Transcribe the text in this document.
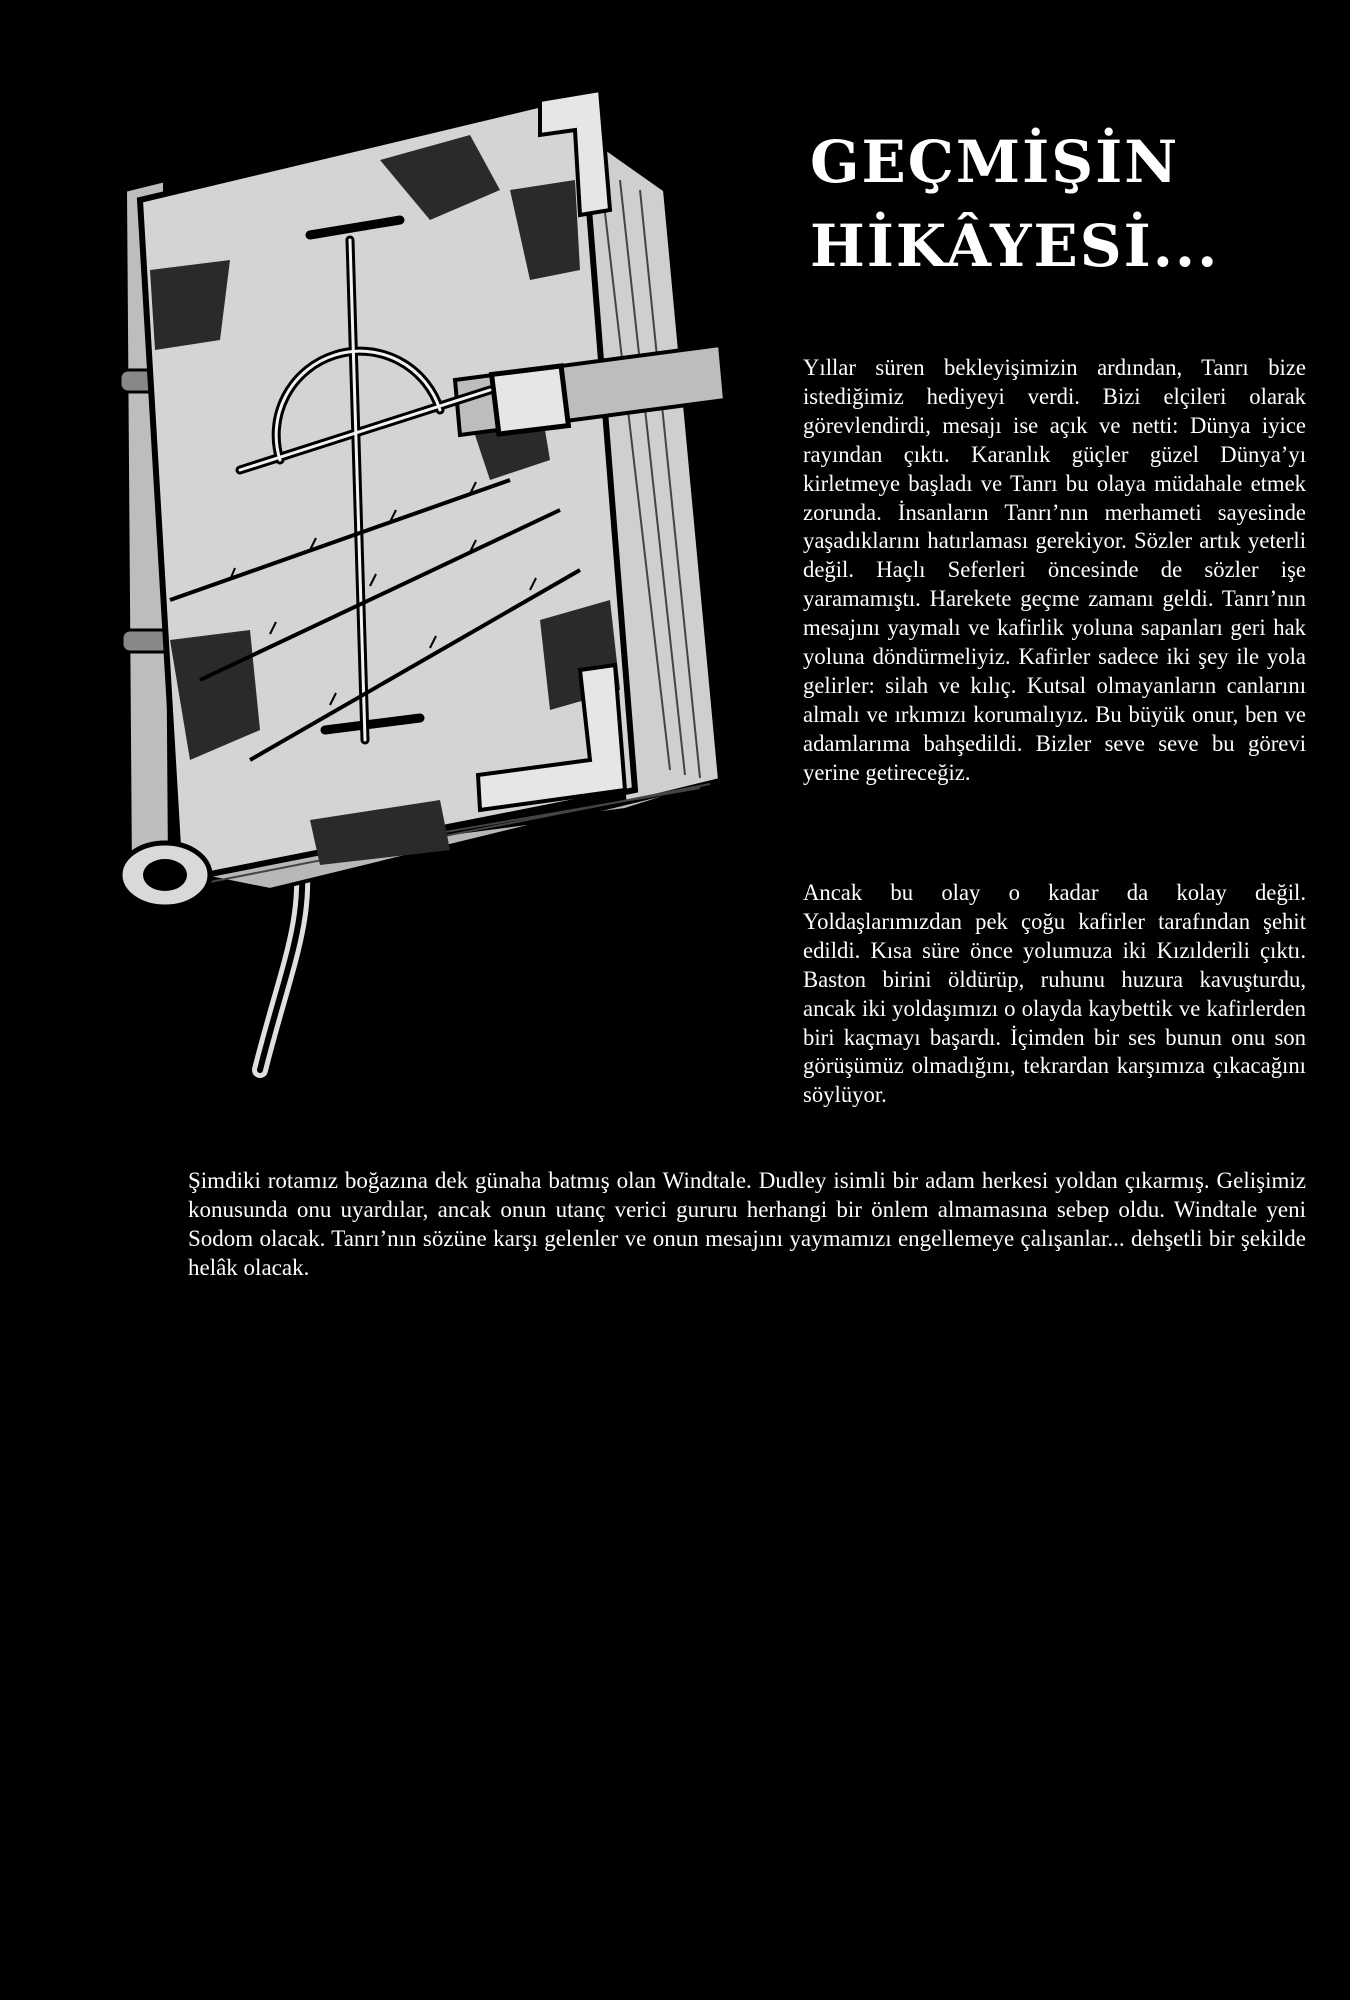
GEÇMİŞİN
HİKÂYESİ...

Yıllar süren bekleyişimizin ardından, Tanrı bize istediğimiz hediyeyi verdi. Bizi elçileri olarak görevlendirdi, mesajı ise açık ve netti: Dünya iyice rayından çıktı. Karanlık güçler güzel Dünya’yı kirletmeye başladı ve Tanrı bu olaya müdahale etmek zorunda. İnsanların Tanrı’nın merhameti sayesinde yaşadıklarını hatırlaması gerekiyor. Sözler artık yeterli değil. Haçlı Seferleri öncesinde de sözler işe yaramamıştı. Harekete geçme zamanı geldi. Tanrı’nın mesajını yaymalı ve kafirlik yoluna sapanları geri hak yoluna döndürmeliyiz. Kafirler sadece iki şey ile yola gelirler: silah ve kılıç. Kutsal olmayanların canlarını almalı ve ırkımızı korumalıyız. Bu büyük onur, ben ve adamlarıma bahşedildi. Bizler seve seve bu görevi yerine getireceğiz.

Ancak bu olay o kadar da kolay değil. Yoldaşlarımızdan pek çoğu kafirler tarafından şehit edildi. Kısa süre önce yolumuza iki Kızılderili çıktı. Baston birini öldürüp, ruhunu huzura kavuşturdu, ancak iki yoldaşımızı o olayda kaybettik ve kafirlerden biri kaçmayı başardı. İçimden bir ses bunun onu son görüşümüz olmadığını, tekrardan karşımıza çıkacağını söylüyor.

Şimdiki rotamız boğazına dek günaha batmış olan Windtale. Dudley isimli bir adam herkesi yoldan çıkarmış. Gelişimiz konusunda onu uyardılar, ancak onun utanç verici gururu herhangi bir önlem almamasına sebep oldu. Windtale yeni Sodom olacak. Tanrı’nın sözüne karşı gelenler ve onun mesajını yaymamızı engellemeye çalışanlar... dehşetli bir şekilde helâk olacak.
